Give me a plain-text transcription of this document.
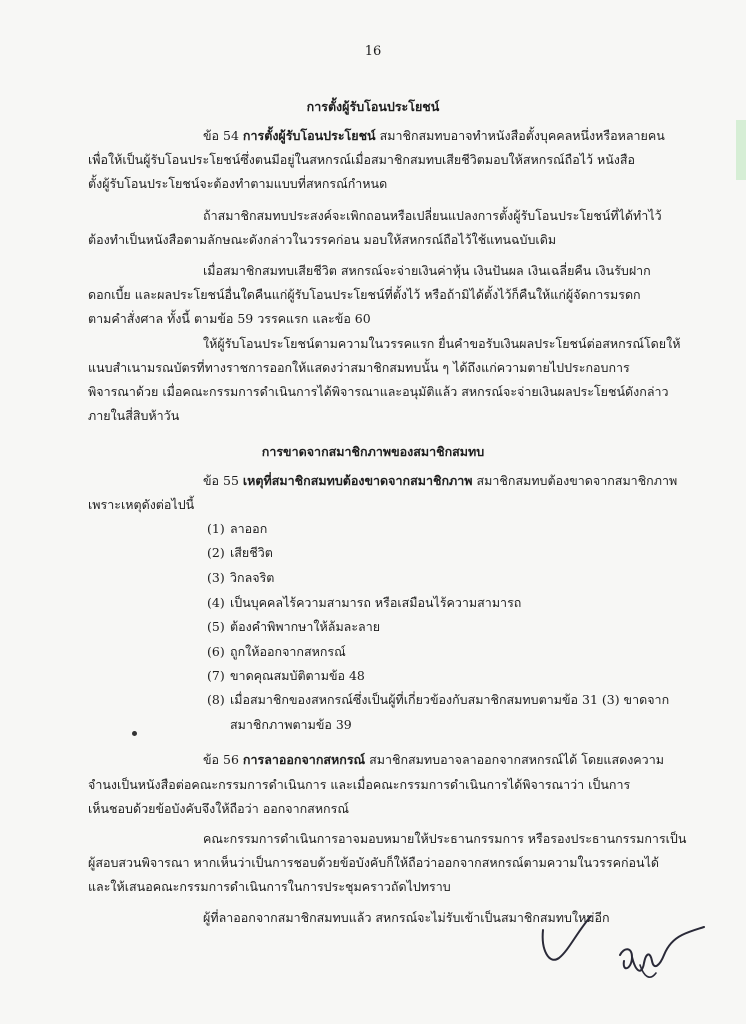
16
การตั้งผู้รับโอนประโยชน์
ข้อ 54 การตั้งผู้รับโอนประโยชน์ สมาชิกสมทบอาจทำหนังสือตั้งบุคคลหนึ่งหรือหลายคน
เพื่อให้เป็นผู้รับโอนประโยชน์ซึ่งตนมีอยู่ในสหกรณ์เมื่อสมาชิกสมทบเสียชีวิตมอบให้สหกรณ์ถือไว้ หนังสือ
ตั้งผู้รับโอนประโยชน์จะต้องทำตามแบบที่สหกรณ์กำหนด
ถ้าสมาชิกสมทบประสงค์จะเพิกถอนหรือเปลี่ยนแปลงการตั้งผู้รับโอนประโยชน์ที่ได้ทำไว้
ต้องทำเป็นหนังสือตามลักษณะดังกล่าวในวรรคก่อน มอบให้สหกรณ์ถือไว้ใช้แทนฉบับเดิม
เมื่อสมาชิกสมทบเสียชีวิต สหกรณ์จะจ่ายเงินค่าหุ้น เงินปันผล เงินเฉลี่ยคืน เงินรับฝาก
ดอกเบี้ย และผลประโยชน์อื่นใดคืนแก่ผู้รับโอนประโยชน์ที่ตั้งไว้ หรือถ้ามิได้ตั้งไว้ก็คืนให้แก่ผู้จัดการมรดก
ตามคำสั่งศาล ทั้งนี้ ตามข้อ 59 วรรคแรก และข้อ 60
ให้ผู้รับโอนประโยชน์ตามความในวรรคแรก ยื่นคำขอรับเงินผลประโยชน์ต่อสหกรณ์โดยให้
แนบสำเนามรณบัตรที่ทางราชการออกให้แสดงว่าสมาชิกสมทบนั้น ๆ ได้ถึงแก่ความตายไปประกอบการ
พิจารณาด้วย เมื่อคณะกรรมการดำเนินการได้พิจารณาและอนุมัติแล้ว สหกรณ์จะจ่ายเงินผลประโยชน์ดังกล่าว
ภายในสี่สิบห้าวัน
การขาดจากสมาชิกภาพของสมาชิกสมทบ
ข้อ 55 เหตุที่สมาชิกสมทบต้องขาดจากสมาชิกภาพ สมาชิกสมทบต้องขาดจากสมาชิกภาพ
เพราะเหตุดังต่อไปนี้
(1) ลาออก
(2) เสียชีวิต
(3) วิกลจริต
(4) เป็นบุคคลไร้ความสามารถ หรือเสมือนไร้ความสามารถ
(5) ต้องคำพิพากษาให้ล้มละลาย
(6) ถูกให้ออกจากสหกรณ์
(7) ขาดคุณสมบัติตามข้อ 48
(8) เมื่อสมาชิกของสหกรณ์ซึ่งเป็นผู้ที่เกี่ยวข้องกับสมาชิกสมทบตามข้อ 31 (3) ขาดจาก
สมาชิกภาพตามข้อ 39
ข้อ 56 การลาออกจากสหกรณ์ สมาชิกสมทบอาจลาออกจากสหกรณ์ได้ โดยแสดงความ
จำนงเป็นหนังสือต่อคณะกรรมการดำเนินการ และเมื่อคณะกรรมการดำเนินการได้พิจารณาว่า เป็นการ
เห็นชอบด้วยข้อบังคับจึงให้ถือว่า ออกจากสหกรณ์
คณะกรรมการดำเนินการอาจมอบหมายให้ประธานกรรมการ หรือรองประธานกรรมการเป็น
ผู้สอบสวนพิจารณา หากเห็นว่าเป็นการชอบด้วยข้อบังคับก็ให้ถือว่าออกจากสหกรณ์ตามความในวรรคก่อนได้
และให้เสนอคณะกรรมการดำเนินการในการประชุมคราวถัดไปทราบ
ผู้ที่ลาออกจากสมาชิกสมทบแล้ว สหกรณ์จะไม่รับเข้าเป็นสมาชิกสมทบใหม่อีก
